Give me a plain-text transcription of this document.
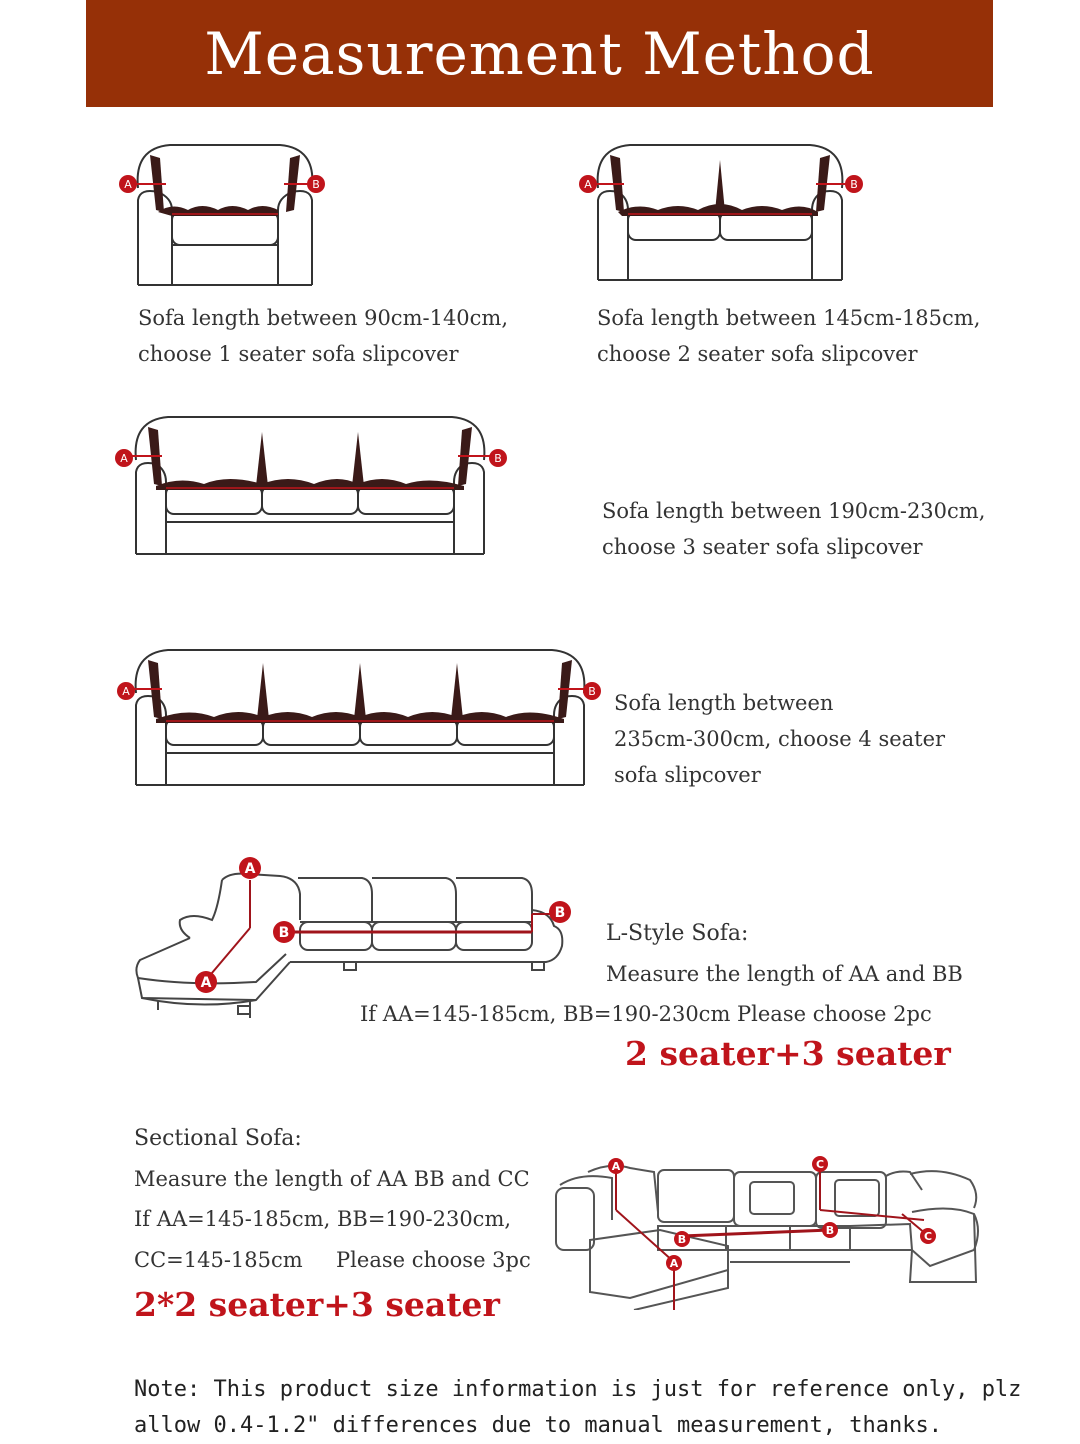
Measurement Method
A	B
Sofa length between 90cm-140cm,
choose 1 seater sofa slipcover
A	B
Sofa length between 145cm-185cm,
choose 2 seater sofa slipcover
A	B
Sofa length between 190cm-230cm,
choose 3 seater sofa slipcover
A	B Sofa length between
235cm-300cm, choose 4 seater
sofa slipcover
A
A
B
B
L-Style Sofa:
Measure the length of AA and BB
If AA=145-185cm, BB=190-230cm Please choose 2pc
2 seater+3 seater
Sectional Sofa:
Measure the length of AA BB and CC
If AA=145-185cm, BB=190-230cm,
CC=145-185cm     Please choose 3pc
2*2 seater+3 seater
A
A
B
B
C
C
Note: This product size information is just for reference only, plz
allow 0.4-1.2" differences due to manual measurement, thanks.
